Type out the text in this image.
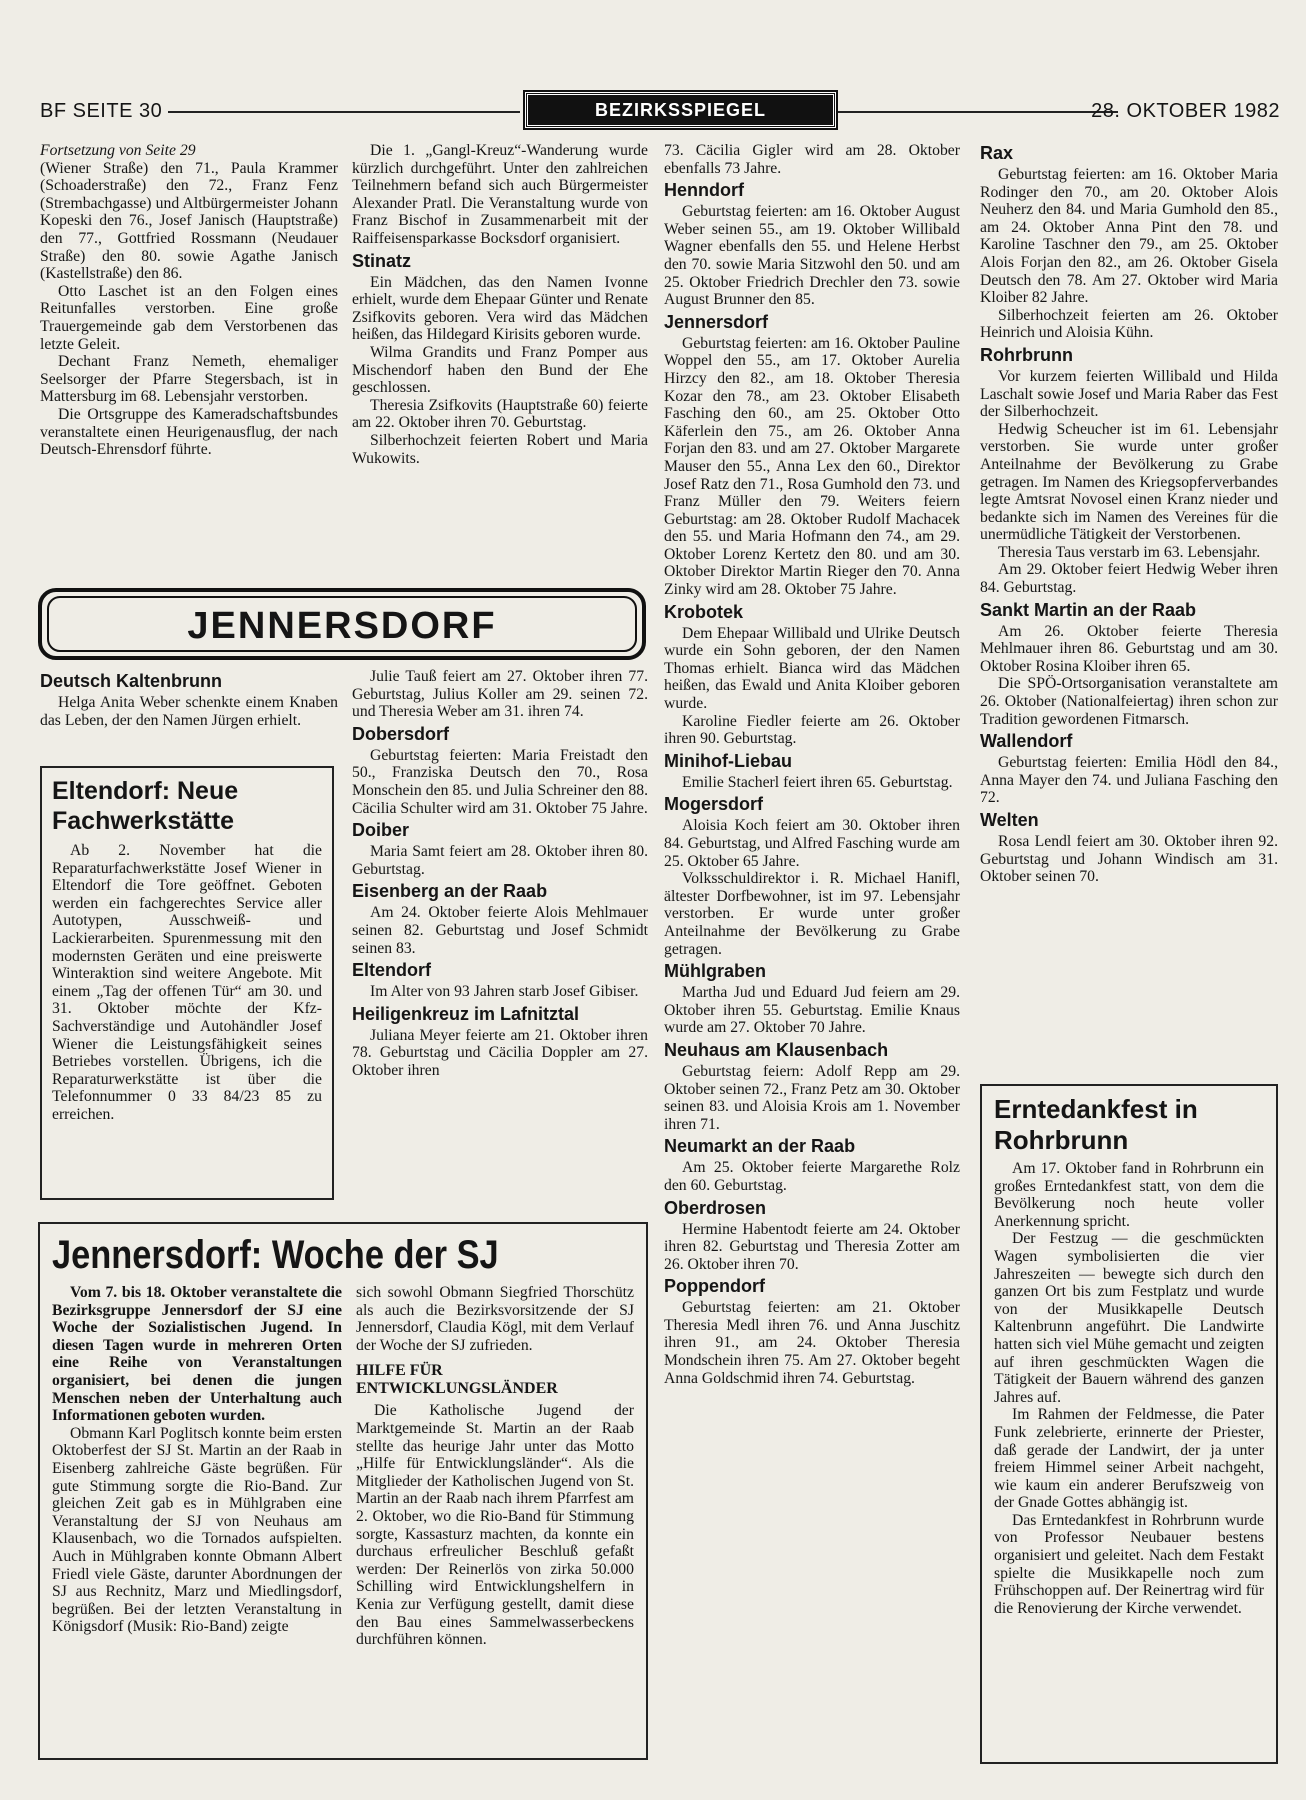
BF SEITE 30	BEZIRKSSPIEGEL	28. OKTOBER 1982

Fortsetzung von Seite 29

(Wiener Straße) den 71., Paula Krammer (Schoaderstraße) den 72., Franz Fenz (Strembachgasse) und Altbürgermeister Johann Kopeski den 76., Josef Janisch (Hauptstraße) den 77., Gottfried Rossmann (Neudauer Straße) den 80. sowie Agathe Janisch (Kastellstraße) den 86.

Otto Laschet ist an den Folgen eines Reitunfalles verstorben. Eine große Trauergemeinde gab dem Verstorbenen das letzte Geleit.

Dechant Franz Nemeth, ehemaliger Seelsorger der Pfarre Stegersbach, ist in Mattersburg im 68. Lebensjahr verstorben.

Die Ortsgruppe des Kameradschaftsbundes veranstaltete einen Heurigenausflug, der nach Deutsch-Ehrensdorf führte.

Die 1. „Gangl-Kreuz“-Wanderung wurde kürzlich durchgeführt. Unter den zahlreichen Teilnehmern befand sich auch Bürgermeister Alexander Pratl. Die Veranstaltung wurde von Franz Bischof in Zusammenarbeit mit der Raiffeisensparkasse Bocksdorf organisiert.

Stinatz

Ein Mädchen, das den Namen Ivonne erhielt, wurde dem Ehepaar Günter und Renate Zsifkovits geboren. Vera wird das Mädchen heißen, das Hildegard Kirisits geboren wurde.

Wilma Grandits und Franz Pomper aus Mischendorf haben den Bund der Ehe geschlossen.

Theresia Zsifkovits (Hauptstraße 60) feierte am 22. Oktober ihren 70. Geburtstag.

Silberhochzeit feierten Robert und Maria Wukowits.

JENNERSDORF
Deutsch Kaltenbrunn

Helga Anita Weber schenkte einem Knaben das Leben, der den Namen Jürgen erhielt.

Eltendorf: Neue Fachwerkstätte

Ab 2. November hat die Reparaturfachwerkstätte Josef Wiener in Eltendorf die Tore geöffnet. Geboten werden ein fachgerechtes Service aller Autotypen, Ausschweiß- und Lackierarbeiten. Spurenmessung mit den modernsten Geräten und eine preiswerte Winteraktion sind weitere Angebote. Mit einem „Tag der offenen Tür“ am 30. und 31. Oktober möchte der Kfz-Sachverständige und Autohändler Josef Wiener die Leistungsfähigkeit seines Betriebes vorstellen. Übrigens, ich die Reparaturwerkstätte ist über die Telefonnummer 0 33 84/23 85 zu erreichen.

Julie Tauß feiert am 27. Oktober ihren 77. Geburtstag, Julius Koller am 29. seinen 72. und Theresia Weber am 31. ihren 74.

Dobersdorf

Geburtstag feierten: Maria Freistadt den 50., Franziska Deutsch den 70., Rosa Monschein den 85. und Julia Schreiner den 88. Cäcilia Schulter wird am 31. Oktober 75 Jahre.

Doiber

Maria Samt feiert am 28. Oktober ihren 80. Geburtstag.

Eisenberg an der Raab

Am 24. Oktober feierte Alois Mehlmauer seinen 82. Geburtstag und Josef Schmidt seinen 83.

Eltendorf

Im Alter von 93 Jahren starb Josef Gibiser.

Heiligenkreuz im Lafnitztal

Juliana Meyer feierte am 21. Oktober ihren 78. Geburtstag und Cäcilia Doppler am 27. Oktober ihren

Jennersdorf: Woche der SJ

Vom 7. bis 18. Oktober veranstaltete die Bezirksgruppe Jennersdorf der SJ eine Woche der Sozialistischen Jugend. In diesen Tagen wurde in mehreren Orten eine Reihe von Veranstaltungen organisiert, bei denen die jungen Menschen neben der Unterhaltung auch Informationen geboten wurden.

Obmann Karl Poglitsch konnte beim ersten Oktoberfest der SJ St. Martin an der Raab in Eisenberg zahlreiche Gäste begrüßen. Für gute Stimmung sorgte die Rio-Band. Zur gleichen Zeit gab es in Mühlgraben eine Veranstaltung der SJ von Neuhaus am Klausenbach, wo die Tornados aufspielten. Auch in Mühlgraben konnte Obmann Albert Friedl viele Gäste, darunter Abordnungen der SJ aus Rechnitz, Marz und Miedlingsdorf, begrüßen. Bei der letzten Veranstaltung in Königsdorf (Musik: Rio-Band) zeigte

sich sowohl Obmann Siegfried Thorschütz als auch die Bezirksvorsitzende der SJ Jennersdorf, Claudia Kögl, mit dem Verlauf der Woche der SJ zufrieden.

HILFE FÜR ENTWICKLUNGSLÄNDER

Die Katholische Jugend der Marktgemeinde St. Martin an der Raab stellte das heurige Jahr unter das Motto „Hilfe für Entwicklungsländer“. Als die Mitglieder der Katholischen Jugend von St. Martin an der Raab nach ihrem Pfarrfest am 2. Oktober, wo die Rio-Band für Stimmung sorgte, Kassasturz machten, da konnte ein durchaus erfreulicher Beschluß gefaßt werden: Der Reinerlös von zirka 50.000 Schilling wird Entwicklungshelfern in Kenia zur Verfügung gestellt, damit diese den Bau eines Sammelwasserbeckens durchführen können.

73. Cäcilia Gigler wird am 28. Oktober ebenfalls 73 Jahre.

Henndorf

Geburtstag feierten: am 16. Oktober August Weber seinen 55., am 19. Oktober Willibald Wagner ebenfalls den 55. und Helene Herbst den 70. sowie Maria Sitzwohl den 50. und am 25. Oktober Friedrich Drechler den 73. sowie August Brunner den 85.

Jennersdorf

Geburtstag feierten: am 16. Oktober Pauline Woppel den 55., am 17. Oktober Aurelia Hirzcy den 82., am 18. Oktober Theresia Kozar den 78., am 23. Oktober Elisabeth Fasching den 60., am 25. Oktober Otto Käferlein den 75., am 26. Oktober Anna Forjan den 83. und am 27. Oktober Margarete Mauser den 55., Anna Lex den 60., Direktor Josef Ratz den 71., Rosa Gumhold den 73. und Franz Müller den 79. Weiters feiern Geburtstag: am 28. Oktober Rudolf Machacek den 55. und Maria Hofmann den 74., am 29. Oktober Lorenz Kertetz den 80. und am 30. Oktober Direktor Martin Rieger den 70. Anna Zinky wird am 28. Oktober 75 Jahre.

Krobotek

Dem Ehepaar Willibald und Ulrike Deutsch wurde ein Sohn geboren, der den Namen Thomas erhielt. Bianca wird das Mädchen heißen, das Ewald und Anita Kloiber geboren wurde.

Karoline Fiedler feierte am 26. Oktober ihren 90. Geburtstag.

Minihof-Liebau

Emilie Stacherl feiert ihren 65. Geburtstag.

Mogersdorf

Aloisia Koch feiert am 30. Oktober ihren 84. Geburtstag, und Alfred Fasching wurde am 25. Oktober 65 Jahre.

Volksschuldirektor i. R. Michael Hanifl, ältester Dorfbewohner, ist im 97. Lebensjahr verstorben. Er wurde unter großer Anteilnahme der Bevölkerung zu Grabe getragen.

Mühlgraben

Martha Jud und Eduard Jud feiern am 29. Oktober ihren 55. Geburtstag. Emilie Knaus wurde am 27. Oktober 70 Jahre.

Neuhaus am Klausenbach

Geburtstag feiern: Adolf Repp am 29. Oktober seinen 72., Franz Petz am 30. Oktober seinen 83. und Aloisia Krois am 1. November ihren 71.

Neumarkt an der Raab

Am 25. Oktober feierte Margarethe Rolz den 60. Geburtstag.

Oberdrosen

Hermine Habentodt feierte am 24. Oktober ihren 82. Geburtstag und Theresia Zotter am 26. Oktober ihren 70.

Poppendorf

Geburtstag feierten: am 21. Oktober Theresia Medl ihren 76. und Anna Juschitz ihren 91., am 24. Oktober Theresia Mondschein ihren 75. Am 27. Oktober begeht Anna Goldschmid ihren 74. Geburtstag.

Rax

Geburtstag feierten: am 16. Oktober Maria Rodinger den 70., am 20. Oktober Alois Neuherz den 84. und Maria Gumhold den 85., am 24. Oktober Anna Pint den 78. und Karoline Taschner den 79., am 25. Oktober Alois Forjan den 82., am 26. Oktober Gisela Deutsch den 78. Am 27. Oktober wird Maria Kloiber 82 Jahre.

Silberhochzeit feierten am 26. Oktober Heinrich und Aloisia Kühn.

Rohrbrunn

Vor kurzem feierten Willibald und Hilda Laschalt sowie Josef und Maria Raber das Fest der Silberhochzeit.

Hedwig Scheucher ist im 61. Lebensjahr verstorben. Sie wurde unter großer Anteilnahme der Bevölkerung zu Grabe getragen. Im Namen des Kriegsopferverbandes legte Amtsrat Novosel einen Kranz nieder und bedankte sich im Namen des Vereines für die unermüdliche Tätigkeit der Verstorbenen.

Theresia Taus verstarb im 63. Lebensjahr.

Am 29. Oktober feiert Hedwig Weber ihren 84. Geburtstag.

Sankt Martin an der Raab

Am 26. Oktober feierte Theresia Mehlmauer ihren 86. Geburtstag und am 30. Oktober Rosina Kloiber ihren 65.

Die SPÖ-Ortsorganisation veranstaltete am 26. Oktober (Nationalfeiertag) ihren schon zur Tradition gewordenen Fitmarsch.

Wallendorf

Geburtstag feierten: Emilia Hödl den 84., Anna Mayer den 74. und Juliana Fasching den 72.

Welten

Rosa Lendl feiert am 30. Oktober ihren 92. Geburtstag und Johann Windisch am 31. Oktober seinen 70.

Erntedankfest in Rohrbrunn

Am 17. Oktober fand in Rohrbrunn ein großes Erntedankfest statt, von dem die Bevölkerung noch heute voller Anerkennung spricht.

Der Festzug — die geschmückten Wagen symbolisierten die vier Jahreszeiten — bewegte sich durch den ganzen Ort bis zum Festplatz und wurde von der Musikkapelle Deutsch Kaltenbrunn angeführt. Die Landwirte hatten sich viel Mühe gemacht und zeigten auf ihren geschmückten Wagen die Tätigkeit der Bauern während des ganzen Jahres auf.

Im Rahmen der Feldmesse, die Pater Funk zelebrierte, erinnerte der Priester, daß gerade der Landwirt, der ja unter freiem Himmel seiner Arbeit nachgeht, wie kaum ein anderer Berufszweig von der Gnade Gottes abhängig ist.

Das Erntedankfest in Rohrbrunn wurde von Professor Neubauer bestens organisiert und geleitet. Nach dem Festakt spielte die Musikkapelle noch zum Frühschoppen auf. Der Reinertrag wird für die Renovierung der Kirche verwendet.
